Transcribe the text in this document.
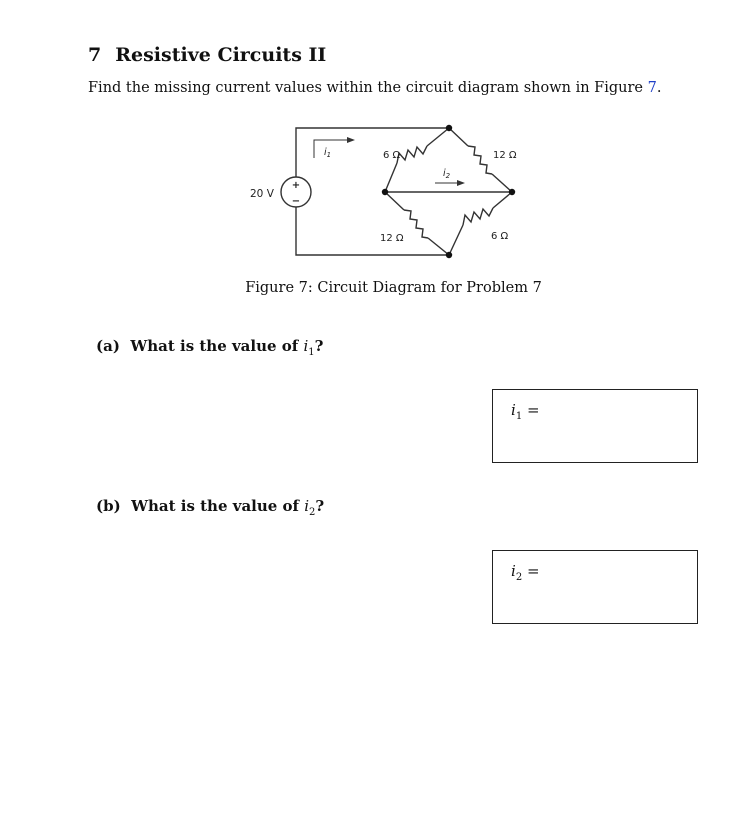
7 Resistive Circuits II

Find the missing current values within the circuit diagram shown in Figure 7.

+
−
20 V
6 Ω	12 Ω
12 Ω	6 Ω
$i_1$
$i_2$

Figure 7: Circuit Diagram for Problem 7

(a) What is the value of $i_1$?

$i_1$ =

(b) What is the value of $i_2$?

$i_2$ =
